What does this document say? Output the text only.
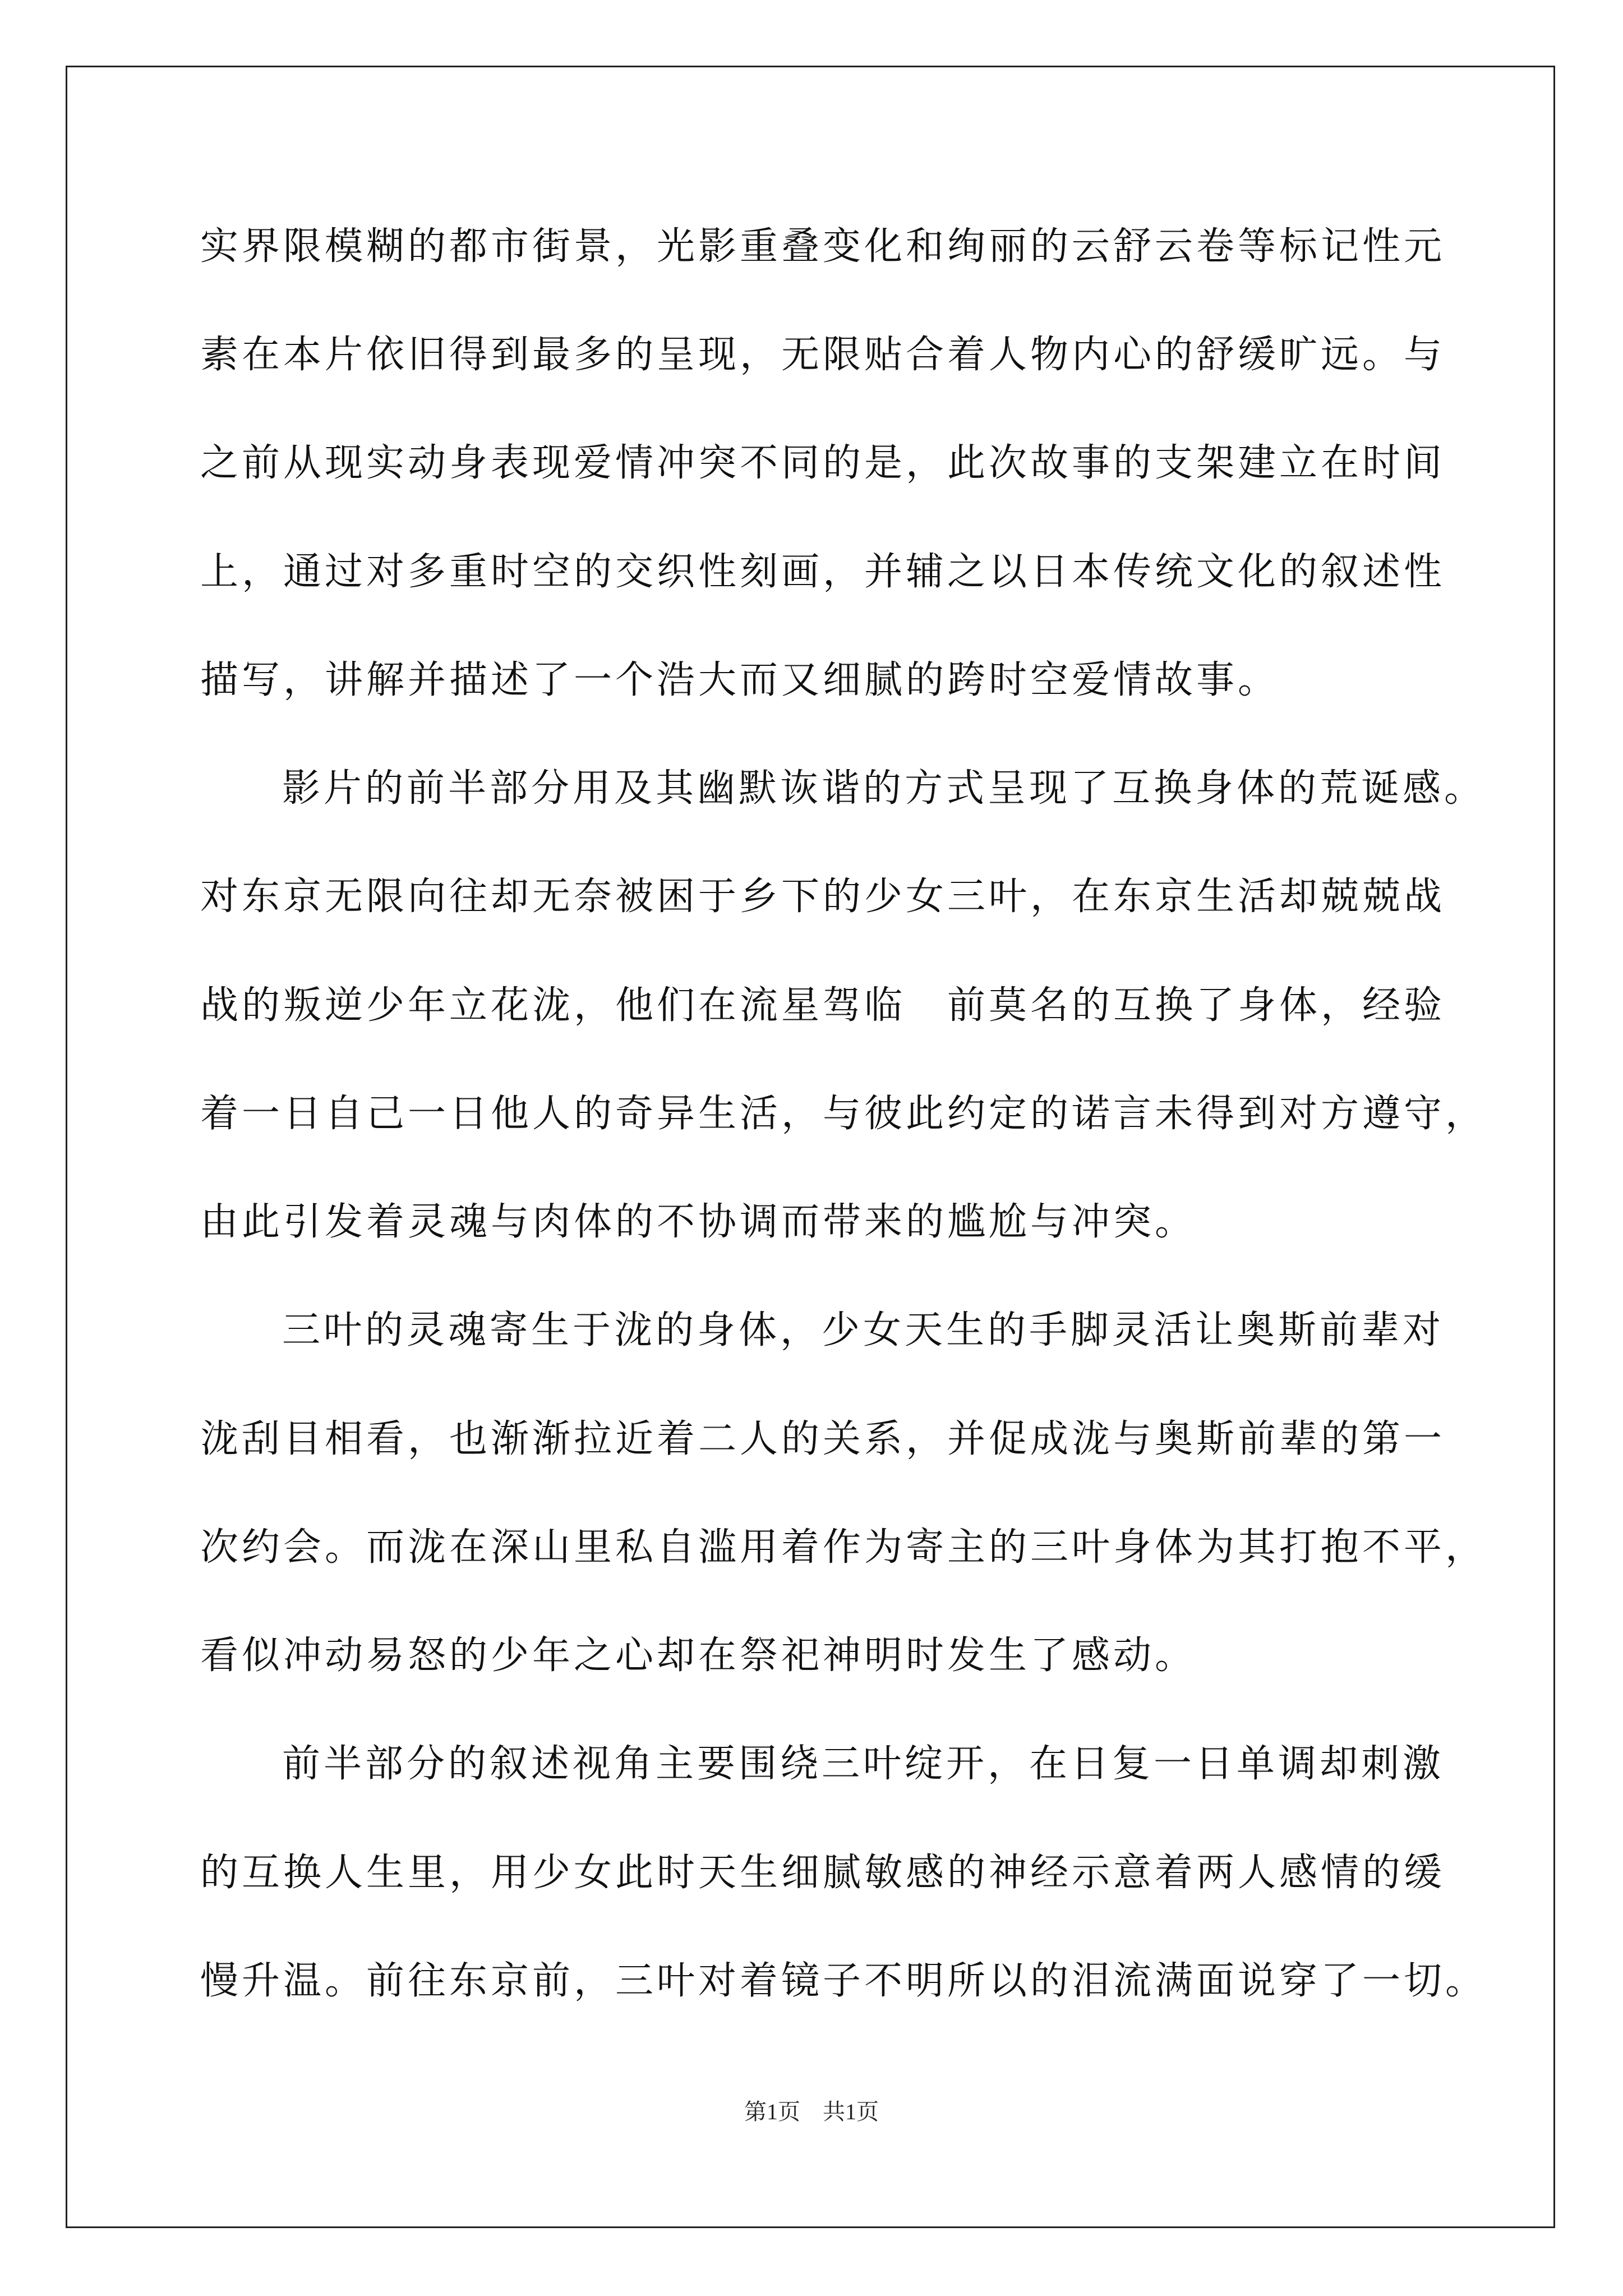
实界限模糊的都市街景，光影重叠变化和绚丽的云舒云卷等标记性元
素在本片依旧得到最多的呈现，无限贴合着人物内心的舒缓旷远。与
之前从现实动身表现爱情冲突不同的是，此次故事的支架建立在时间
上，通过对多重时空的交织性刻画，并辅之以日本传统文化的叙述性
描写，讲解并描述了一个浩大而又细腻的跨时空爱情故事。
影片的前半部分用及其幽默诙谐的方式呈现了互换身体的荒诞感。
对东京无限向往却无奈被困于乡下的少女三叶，在东京生活却兢兢战
战的叛逆少年立花泷，他们在流星驾临　前莫名的互换了身体，经验
着一日自己一日他人的奇异生活，与彼此约定的诺言未得到对方遵守，
由此引发着灵魂与肉体的不协调而带来的尴尬与冲突。
三叶的灵魂寄生于泷的身体，少女天生的手脚灵活让奥斯前辈对
泷刮目相看，也渐渐拉近着二人的关系，并促成泷与奥斯前辈的第一
次约会。而泷在深山里私自滥用着作为寄主的三叶身体为其打抱不平，
看似冲动易怒的少年之心却在祭祀神明时发生了感动。
前半部分的叙述视角主要围绕三叶绽开，在日复一日单调却刺激
的互换人生里，用少女此时天生细腻敏感的神经示意着两人感情的缓
慢升温。前往东京前，三叶对着镜子不明所以的泪流满面说穿了一切。
第1页　共1页
